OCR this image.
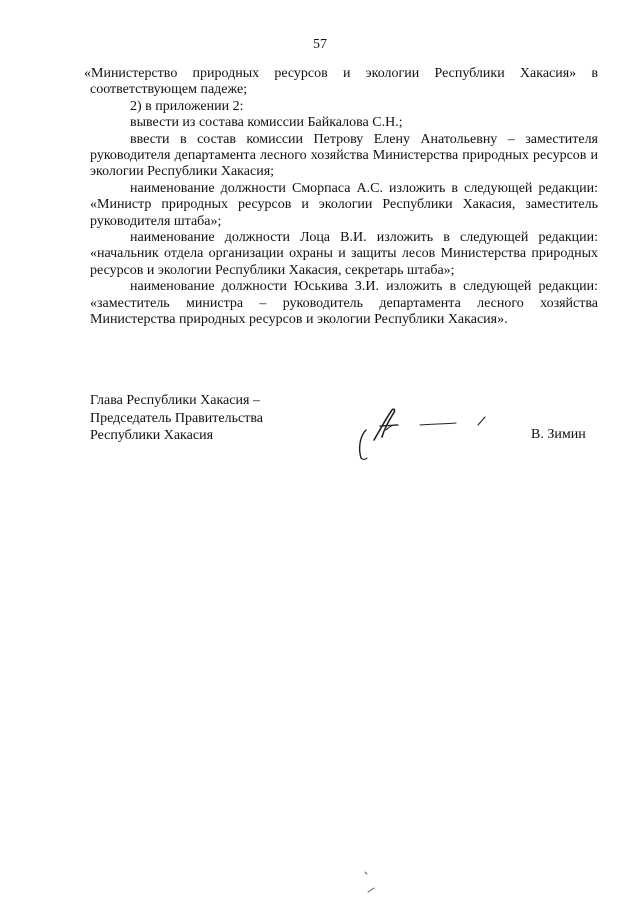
57

«Министерство природных ресурсов и экологии Республики Хакасия» в соответствующем падеже;

2) в приложении 2:

вывести из состава комиссии Байкалова С.Н.;

ввести в состав комиссии Петрову Елену Анатольевну – заместителя руководителя департамента лесного хозяйства Министерства природных ресурсов и экологии Республики Хакасия;

наименование должности Сморпаса А.С. изложить в следующей редакции: «Министр природных ресурсов и экологии Республики Хакасия, заместитель руководителя штаба»;

наименование должности Лоца В.И. изложить в следующей редакции: «начальник отдела организации охраны и защиты лесов Министерства природных ресурсов и экологии Республики Хакасия, секретарь штаба»;

наименование должности Юськива З.И. изложить в следующей редакции: «заместитель министра – руководитель департамента лесного хозяйства Министерства природных ресурсов и экологии Республики Хакасия».

Глава Республики Хакасия –
Председатель Правительства
Республики Хакасия	В. Зимин
